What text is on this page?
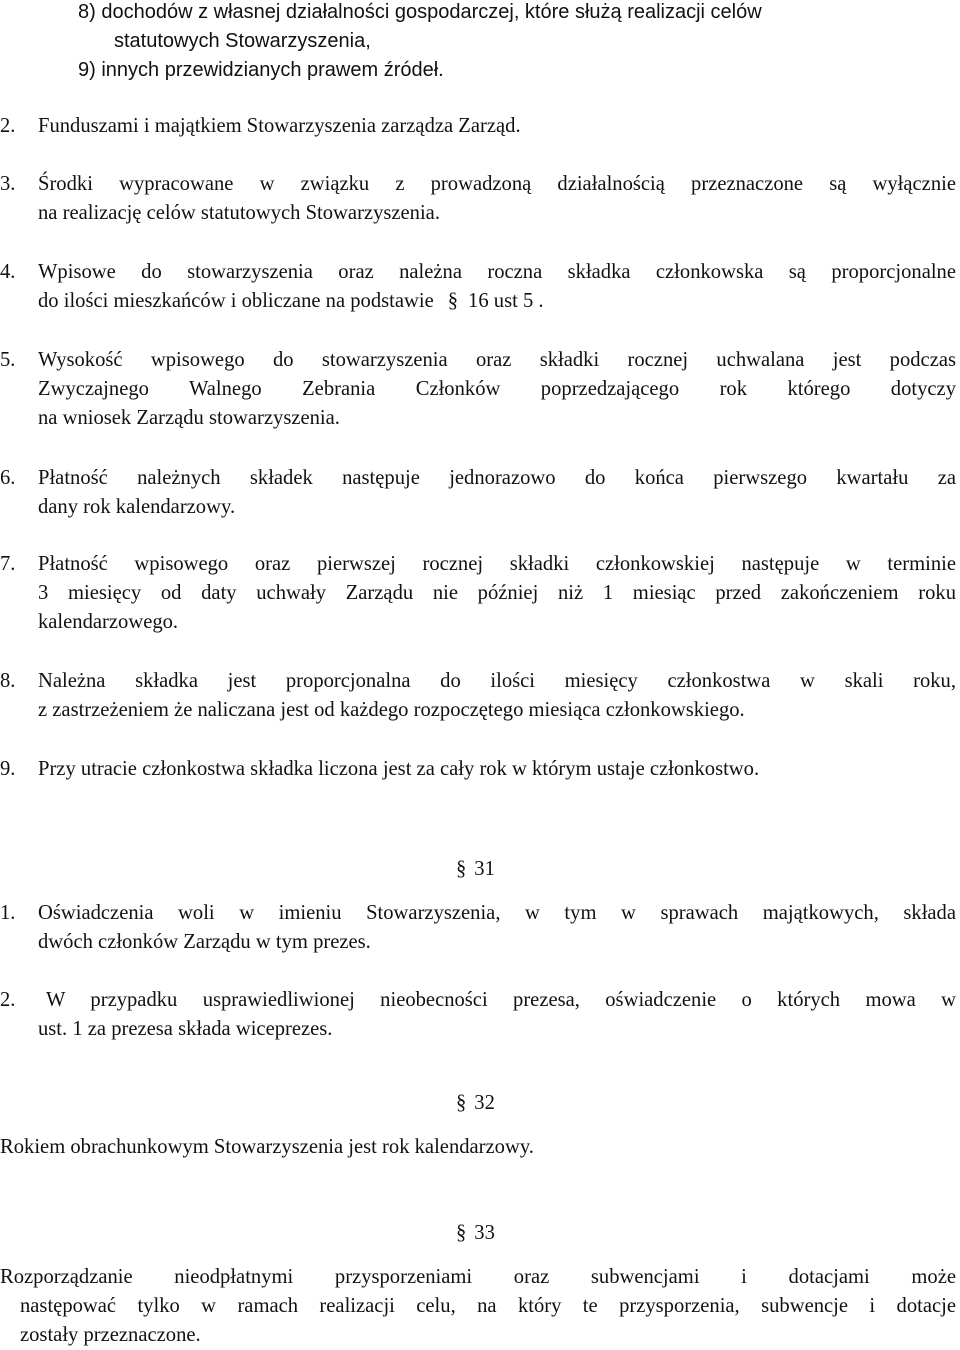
8) dochodów z własnej działalności gospodarczej, które służą realizacji celów
statutowych Stowarzyszenia,
9) innych przewidzianych prawem źródeł.
2. Funduszami i majątkiem Stowarzyszenia zarządza Zarząd.
3. Środki wypracowane w związku z prowadzoną działalnością przeznaczone są wyłącznie
na realizację celów statutowych Stowarzyszenia.
4. Wpisowe do stowarzyszenia oraz należna roczna składka członkowska są proporcjonalne
do ilości mieszkańców i obliczane na podstawie § 16 ust 5 .
5. Wysokość wpisowego do stowarzyszenia oraz składki rocznej uchwalana jest podczas
Zwyczajnego Walnego Zebrania Członków poprzedzającego rok którego dotyczy
na wniosek Zarządu stowarzyszenia.
6. Płatność należnych składek następuje jednorazowo do końca pierwszego kwartału za
dany rok kalendarzowy.
7. Płatność wpisowego oraz pierwszej rocznej składki członkowskiej następuje w terminie
3 miesięcy od daty uchwały Zarządu nie później niż 1 miesiąc przed zakończeniem roku
kalendarzowego.
8. Należna składka jest proporcjonalna do ilości miesięcy członkostwa w skali roku,
z zastrzeżeniem że naliczana jest od każdego rozpoczętego miesiąca członkowskiego.
9. Przy utracie członkostwa składka liczona jest za cały rok w którym ustaje członkostwo.
§ 31
1. Oświadczenia woli w imieniu Stowarzyszenia, w tym w sprawach majątkowych, składa
dwóch członków Zarządu w tym prezes.
2.	W przypadku usprawiedliwionej nieobecności prezesa, oświadczenie o których mowa w
ust. 1 za prezesa składa wiceprezes.
§ 32
Rokiem obrachunkowym Stowarzyszenia jest rok kalendarzowy.
§ 33
Rozporządzanie nieodpłatnymi przysporzeniami oraz subwencjami i dotacjami może
następować tylko w ramach realizacji celu, na który te przysporzenia, subwencje i dotacje
zostały przeznaczone.
